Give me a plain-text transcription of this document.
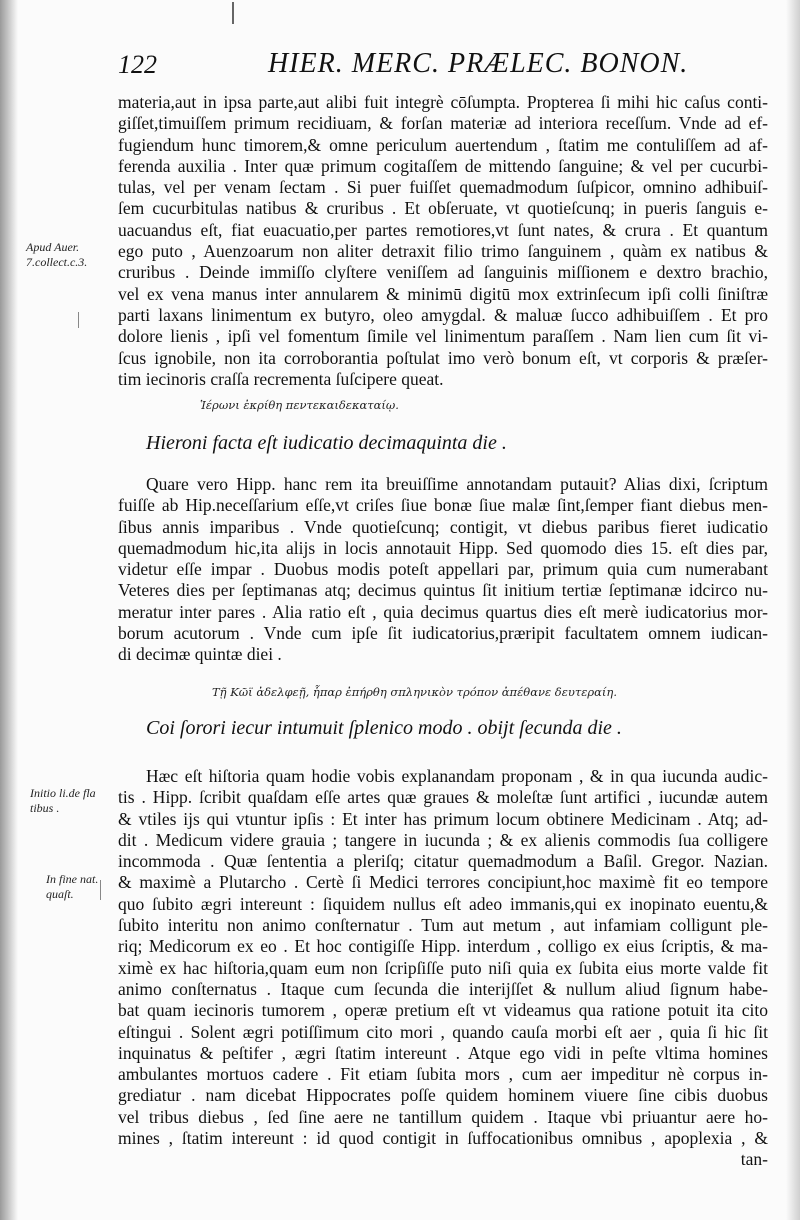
122	HIER. MERC. PRÆLEC. BONON.
materia,aut in ipsa parte,aut alibi fuit integrè cōſumpta. Propterea ſi mihi hic caſus conti-
giſſet,timuiſſem primum recidiuam, & forſan materiæ ad interiora receſſum. Vnde ad ef-
fugiendum hunc timorem,& omne periculum auertendum , ſtatim me contuliſſem ad af-
ferenda auxilia . Inter quæ primum cogitaſſem de mittendo ſanguine; & vel per cucurbi-
tulas, vel per venam ſectam . Si puer fuiſſet quemadmodum ſuſpicor, omnino adhibuiſ-
ſem cucurbitulas natibus & cruribus . Et obſeruate, vt quotieſcunq; in pueris ſanguis e-
uacuandus eſt, fiat euacuatio,per partes remotiores,vt ſunt nates, & crura . Et quantum
ego puto , Auenzoarum non aliter detraxit filio trimo ſanguinem , quàm ex natibus &
cruribus . Deinde immiſſo clyſtere veniſſem ad ſanguinis miſſionem e dextro brachio,
vel ex vena manus inter annularem & minimū digitū mox extrinſecum ipſi colli ſiniſtræ
parti laxans linimentum ex butyro, oleo amygdal. & maluæ ſucco adhibuiſſem . Et pro
dolore lienis , ipſi vel fomentum ſimile vel linimentum paraſſem . Nam lien cum ſit vi-
ſcus ignobile, non ita corroborantia poſtulat imo verò bonum eſt, vt corporis & præſer-
tim iecinoris craſſa recrementa ſuſcipere queat.
Ἱέρωνι ἐκρίθη πεντεκαιδεκαταίῳ.
Hieroni facta eſt iudicatio decimaquinta die .
Quare vero Hipp. hanc rem ita breuiſſime annotandam putauit? Alias dixi, ſcriptum
fuiſſe ab Hip.neceſſarium eſſe,vt criſes ſiue bonæ ſiue malæ ſint,ſemper fiant diebus men-
ſibus annis imparibus . Vnde quotieſcunq; contigit, vt diebus paribus fieret iudicatio
quemadmodum hic,ita alijs in locis annotauit Hipp. Sed quomodo dies 15. eſt dies par,
videtur eſſe impar . Duobus modis poteſt appellari par, primum quia cum numerabant
Veteres dies per ſeptimanas atq; decimus quintus ſit initium tertiæ ſeptimanæ idcirco nu-
meratur inter pares . Alia ratio eſt , quia decimus quartus dies eſt merè iudicatorius mor-
borum acutorum . Vnde cum ipſe ſit iudicatorius,præripit facultatem omnem iudican-
di decimæ quintæ diei .
Τῇ Κῶϊ ἀδελφεῇ, ἧπαρ ἐπήρθη σπληνικὸν τρόπον ἀπέθανε δευτεραίη.
Coi ſorori iecur intumuit ſplenico modo . obijt ſecunda die .
Hæc eſt hiſtoria quam hodie vobis explanandam proponam , & in qua iucunda audic-
tis . Hipp. ſcribit quaſdam eſſe artes quæ graues & moleſtæ ſunt artifici , iucundæ autem
& vtiles ijs qui vtuntur ipſis : Et inter has primum locum obtinere Medicinam . Atq; ad-
dit . Medicum videre grauia ; tangere in iucunda ; & ex alienis commodis ſua colligere
incommoda . Quæ ſententia a pleriſq; citatur quemadmodum a Baſil. Gregor. Nazian.
& maximè a Plutarcho . Certè ſi Medici terrores concipiunt,hoc maximè fit eo tempore
quo ſubito ægri intereunt : ſiquidem nullus eſt adeo immanis,qui ex inopinato euentu,&
ſubito interitu non animo conſternatur . Tum aut metum , aut infamiam colligunt ple-
riq; Medicorum ex eo . Et hoc contigiſſe Hipp. interdum , colligo ex eius ſcriptis, & ma-
ximè ex hac hiſtoria,quam eum non ſcripſiſſe puto niſi quia ex ſubita eius morte valde fit
animo conſternatus . Itaque cum ſecunda die interijſſet & nullum aliud ſignum habe-
bat quam iecinoris tumorem , operæ pretium eſt vt videamus qua ratione potuit ita cito
eſtingui . Solent ægri potiſſimum cito mori , quando cauſa morbi eſt aer , quia ſi hic ſit
inquinatus & peſtifer , ægri ſtatim intereunt . Atque ego vidi in peſte vltima homines
ambulantes mortuos cadere . Fit etiam ſubita mors , cum aer impeditur nè corpus in-
grediatur . nam dicebat Hippocrates poſſe quidem hominem viuere ſine cibis duobus
vel tribus diebus , ſed ſine aere ne tantillum quidem . Itaque vbi priuantur aere ho-
mines , ſtatim intereunt : id quod contigit in ſuffocationibus omnibus , apoplexia , &
tan-
Apud Auer.
7.collect.c.3.
Initio li.de fla
tibus .
In fine nat.
quaſt.
